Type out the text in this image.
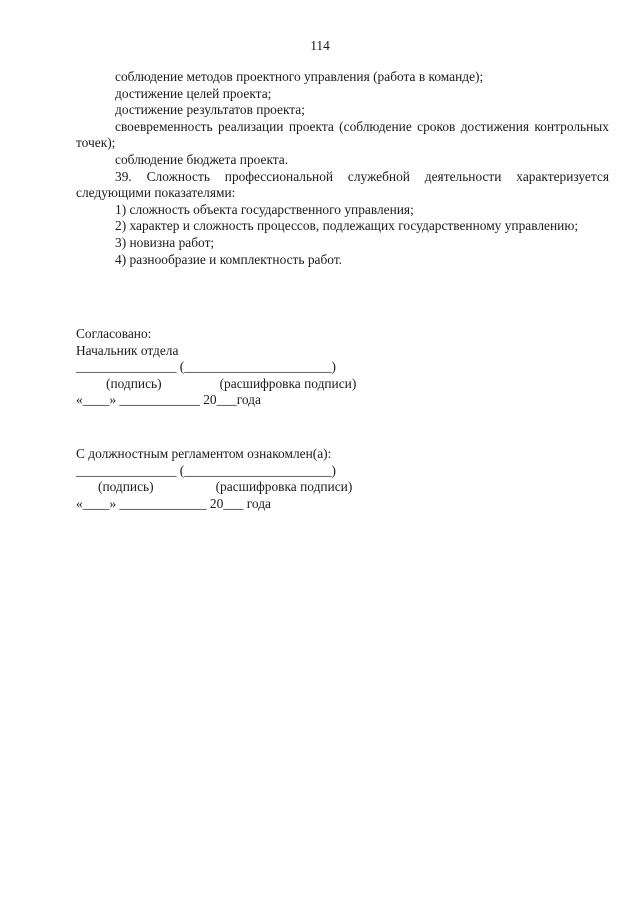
114

соблюдение методов проектного управления (работа в команде);

достижение целей проекта;

достижение результатов проекта;

своевременность реализации проекта (соблюдение сроков достижения контрольных точек);

соблюдение бюджета проекта.

39. Сложность профессиональной служебной деятельности характеризуется следующими показателями:

1) сложность объекта государственного управления;

2) характер и сложность процессов, подлежащих государственному управлению;

3) новизна работ;

4) разнообразие и комплектность работ.

Согласовано:
Начальник отдела
_______________ (______________________)
(подпись)	(расшифровка подписи)
«____» ____________ 20___года
С должностным регламентом ознакомлен(а):
_______________ (______________________)
(подпись)	(расшифровка подписи)
«____» _____________ 20___ года
